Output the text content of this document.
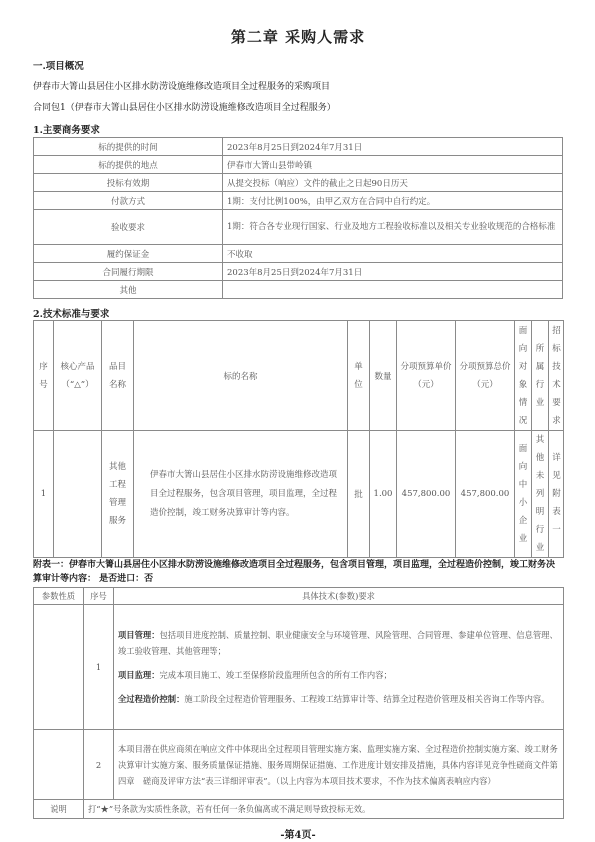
第二章 采购人需求
一.项目概况
伊春市大箐山县居住小区排水防涝设施维修改造项目全过程服务的采购项目
合同包1（伊春市大箐山县居住小区排水防涝设施维修改造项目全过程服务）
1.主要商务要求
标的提供的时间	2023年8月25日到2024年7月31日
标的提供的地点	伊春市大箐山县带岭镇
投标有效期	从提交投标（响应）文件的截止之日起90日历天
付款方式	1期：支付比例100%，由甲乙双方在合同中自行约定。
验收要求	1期：符合各专业现行国家、行业及地方工程验收标准以及相关专业验收规范的合格标准
履约保证金	不收取
合同履行期限	2023年8月25日到2024年7月31日
其他	
2.技术标准与要求
序号	核心产品（“△”）	品目名称	标的名称	单位	数量	分项预算单价（元）	分项预算总价（元）	面向对象情况	所属行业	招标技术要求

1		其他工程管理服务	伊春市大箐山县居住小区排水防涝设施维修改造项目全过程服务，包含项目管理，项目监理，全过程造价控制，竣工财务决算审计等内容。	批	1.00	457,800.00	457,800.00	面向中小企业	其他未列明行业	详见附表一
附表一：伊春市大箐山县居住小区排水防涝设施维修改造项目全过程服务，包含项目管理，项目监理，全过程造价控制，竣工财务决算审计等内容： 是否进口：否
参数性质	序号	具体技术(参数)要求
	1	项目管理：包括项目进度控制、质量控制、职业健康安全与环境管理、风险管理、合同管理、参建单位管理、信息管理、竣工验收管理、其他管理等；
项目监理：完成本项目施工、竣工至保修阶段监理所包含的所有工作内容；
全过程造价控制：施工阶段全过程造价管理服务、工程竣工结算审计等、结算全过程造价管理及相关咨询工作等内容。

	2	本项目潜在供应商须在响应文件中体现出全过程项目管理实施方案、监理实施方案、全过程造价控制实施方案、竣工财务决算审计实施方案、服务质量保证措施、服务周期保证措施、工作进度计划安排及措施，具体内容详见竞争性磋商文件第四章　磋商及评审方法“表三详细评审表”。（以上内容为本项目技术要求，不作为技术偏离表响应内容）
说明	打“★”号条款为实质性条款，若有任何一条负偏离或不满足则导致投标无效。	
-第4页-
